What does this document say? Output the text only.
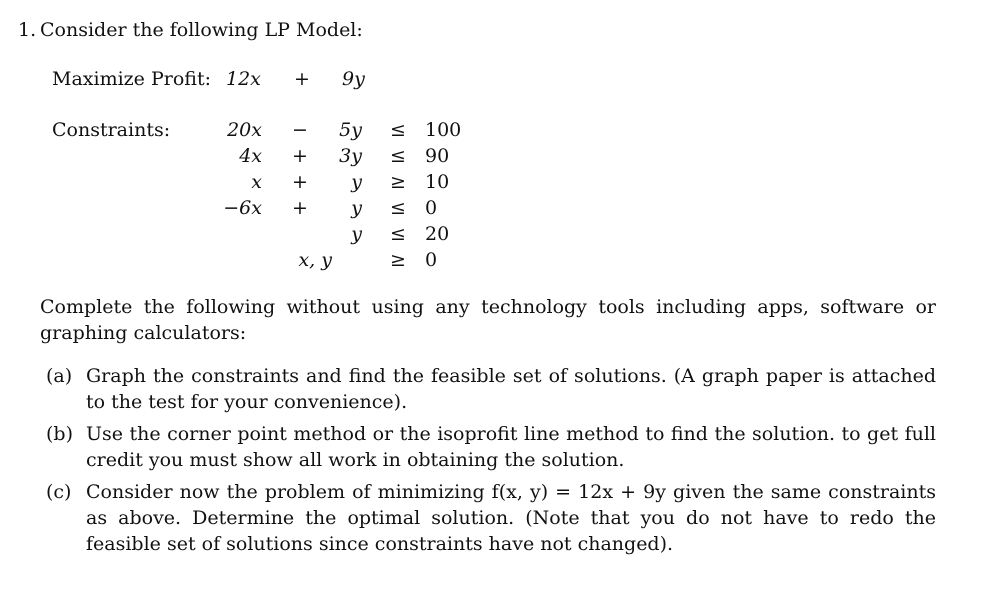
1. Consider the following LP Model:
Maximize Profit: 12x + 9y
Constraints:	20x −	5y ≤ 100
4x +	3y ≤ 90
x +	y ≥ 10
−6x +	y ≤ 0
y ≤ 20
x, y	≥ 0
Complete the following without using any technology tools including apps, software or graphing calculators:
(a) Graph the constraints and find the feasible set of solutions. (A graph paper is attached to the test for your convenience).
(b) Use the corner point method or the isoprofit line method to find the solution. to get full credit you must show all work in obtaining the solution.
(c) Consider now the problem of minimizing f(x, y) = 12x + 9y given the same constraints as above. Determine the optimal solution. (Note that you do not have to redo the feasible set of solutions since constraints have not changed).
